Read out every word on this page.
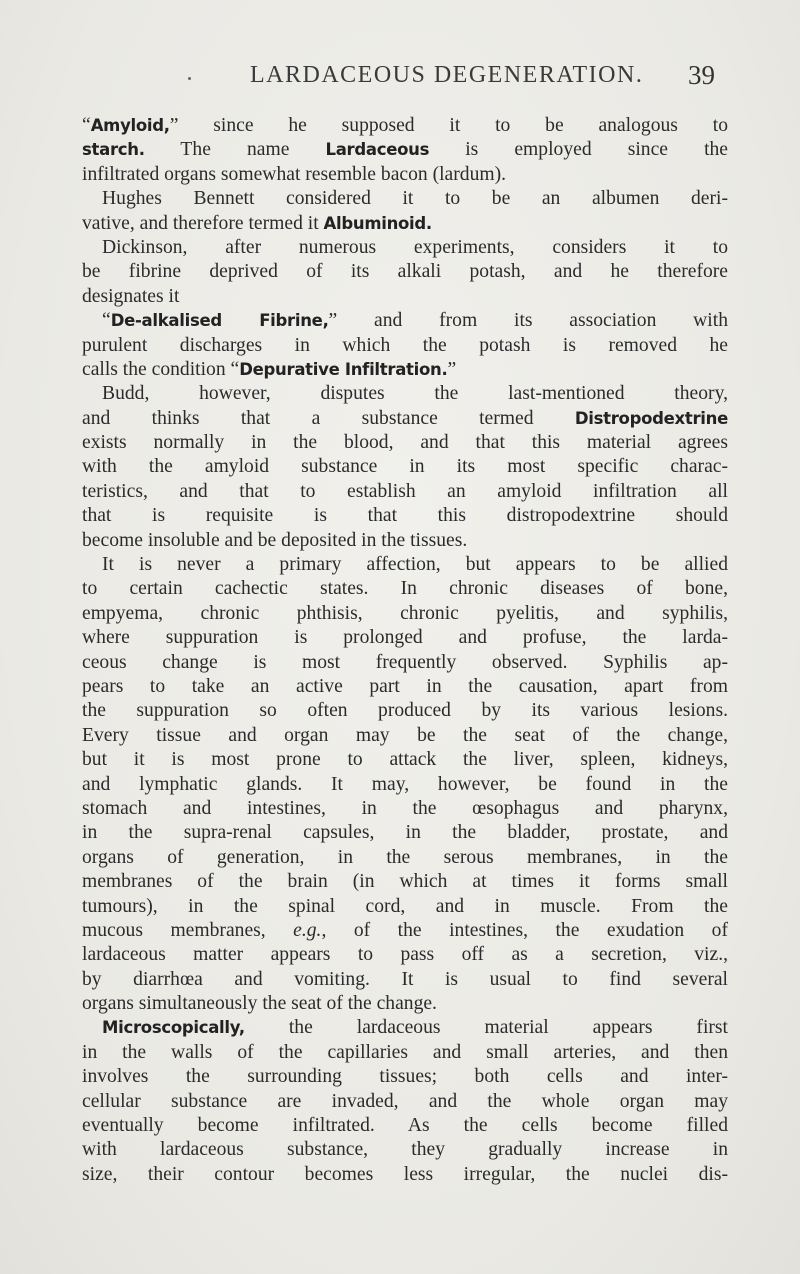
LARDACEOUS DEGENERATION. 39
“Amyloid,” since he supposed it to be analogous to
starch. The name Lardaceous is employed since the
infiltrated organs somewhat resemble bacon (lardum).
Hughes Bennett considered it to be an albumen deri-
vative, and therefore termed it Albuminoid.
Dickinson, after numerous experiments, considers it to
be fibrine deprived of its alkali potash, and he therefore
designates it
“De-alkalised Fibrine,” and from its association with
purulent discharges in which the potash is removed he
calls the condition “Depurative Infiltration.”
Budd, however, disputes the last-mentioned theory,
and thinks that a substance termed Distropodextrine
exists normally in the blood, and that this material agrees
with the amyloid substance in its most specific charac-
teristics, and that to establish an amyloid infiltration all
that is requisite is that this distropodextrine should
become insoluble and be deposited in the tissues.
It is never a primary affection, but appears to be allied
to certain cachectic states. In chronic diseases of bone,
empyema, chronic phthisis, chronic pyelitis, and syphilis,
where suppuration is prolonged and profuse, the larda-
ceous change is most frequently observed. Syphilis ap-
pears to take an active part in the causation, apart from
the suppuration so often produced by its various lesions.
Every tissue and organ may be the seat of the change,
but it is most prone to attack the liver, spleen, kidneys,
and lymphatic glands. It may, however, be found in the
stomach and intestines, in the œsophagus and pharynx,
in the supra-renal capsules, in the bladder, prostate, and
organs of generation, in the serous membranes, in the
membranes of the brain (in which at times it forms small
tumours), in the spinal cord, and in muscle. From the
mucous membranes, e.g., of the intestines, the exudation of
lardaceous matter appears to pass off as a secretion, viz.,
by diarrhœa and vomiting. It is usual to find several
organs simultaneously the seat of the change.
Microscopically, the lardaceous material appears first
in the walls of the capillaries and small arteries, and then
involves the surrounding tissues; both cells and inter-
cellular substance are invaded, and the whole organ may
eventually become infiltrated. As the cells become filled
with lardaceous substance, they gradually increase in
size, their contour becomes less irregular, the nuclei dis-
